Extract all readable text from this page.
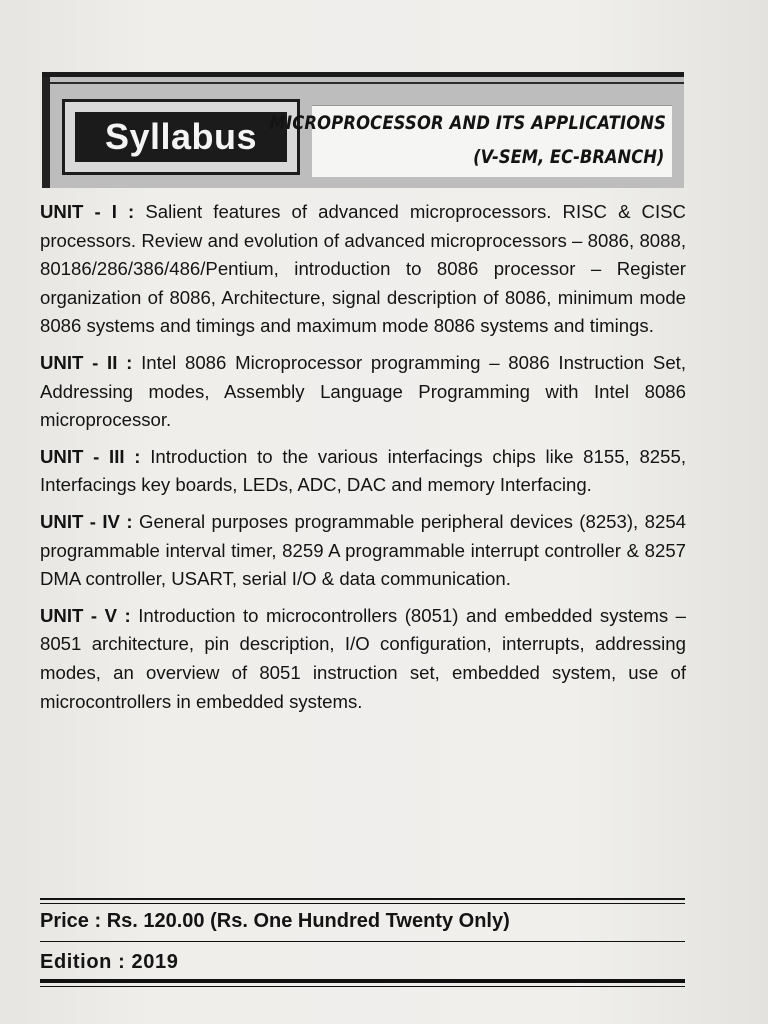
Syllabus MICROPROCESSOR AND ITS APPLICATIONS
(V-SEM, EC-BRANCH)

UNIT - I : Salient features of advanced microprocessors. RISC & CISC processors. Review and evolution of advanced microprocessors – 8086, 8088, 80186/286/386/486/Pentium, introduction to 8086 processor – Register organization of 8086, Architecture, signal description of 8086, minimum mode 8086 systems and timings and maximum mode 8086 systems and timings.

UNIT - II : Intel 8086 Microprocessor programming – 8086 Instruction Set, Addressing modes, Assembly Language Programming with Intel 8086 microprocessor.

UNIT - III : Introduction to the various interfacings chips like 8155, 8255, Interfacings key boards, LEDs, ADC, DAC and memory Interfacing.

UNIT - IV : General purposes programmable peripheral devices (8253), 8254 programmable interval timer, 8259 A programmable interrupt controller & 8257 DMA controller, USART, serial I/O & data communication.

UNIT - V : Introduction to microcontrollers (8051) and embedded systems – 8051 architecture, pin description, I/O configuration, interrupts, addressing modes, an overview of 8051 instruction set, embedded system, use of microcontrollers in embedded systems.

Price : Rs. 120.00 (Rs. One Hundred Twenty Only)
Edition : 2019
